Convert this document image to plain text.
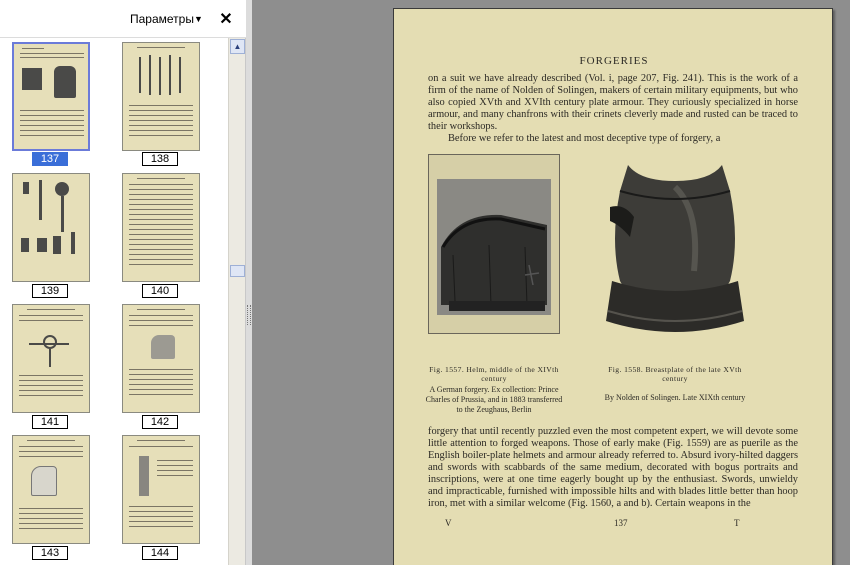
Параметры ▼ ✕
137	138
139	140
141	142
143	144
▲
FORGERIES
on a suit we have already described (Vol. i, page 207, Fig. 241). This is the work of a firm of the name of Nolden of Solingen, makers of certain military equipments, but who also copied XVth and XVIth century plate armour. They curiously specialized in horse armour, and many chanfrons with their crinets cleverly made and rusted can be traced to their workshops.
Before we refer to the latest and most deceptive type of forgery, a
Fig. 1557. Helm, middle of the XIVth century
A German forgery. Ex collection: Prince Charles of Prussia, and in 1883 transferred to the Zeughaus, Berlin
Fig. 1558. Breastplate of the late XVth century
By Nolden of Solingen. Late XIXth century
forgery that until recently puzzled even the most competent expert, we will devote some little attention to forged weapons. Those of early make (Fig. 1559) are as puerile as the English boiler-plate helmets and armour already referred to. Absurd ivory-hilted daggers and swords with scabbards of the same medium, decorated with bogus portraits and inscriptions, were at one time eagerly bought up by the enthusiast. Swords, unwieldy and impracticable, furnished with impossible hilts and with blades little better than hoop iron, met with a similar welcome (Fig. 1560, a and b). Certain weapons in the
V	137	T
